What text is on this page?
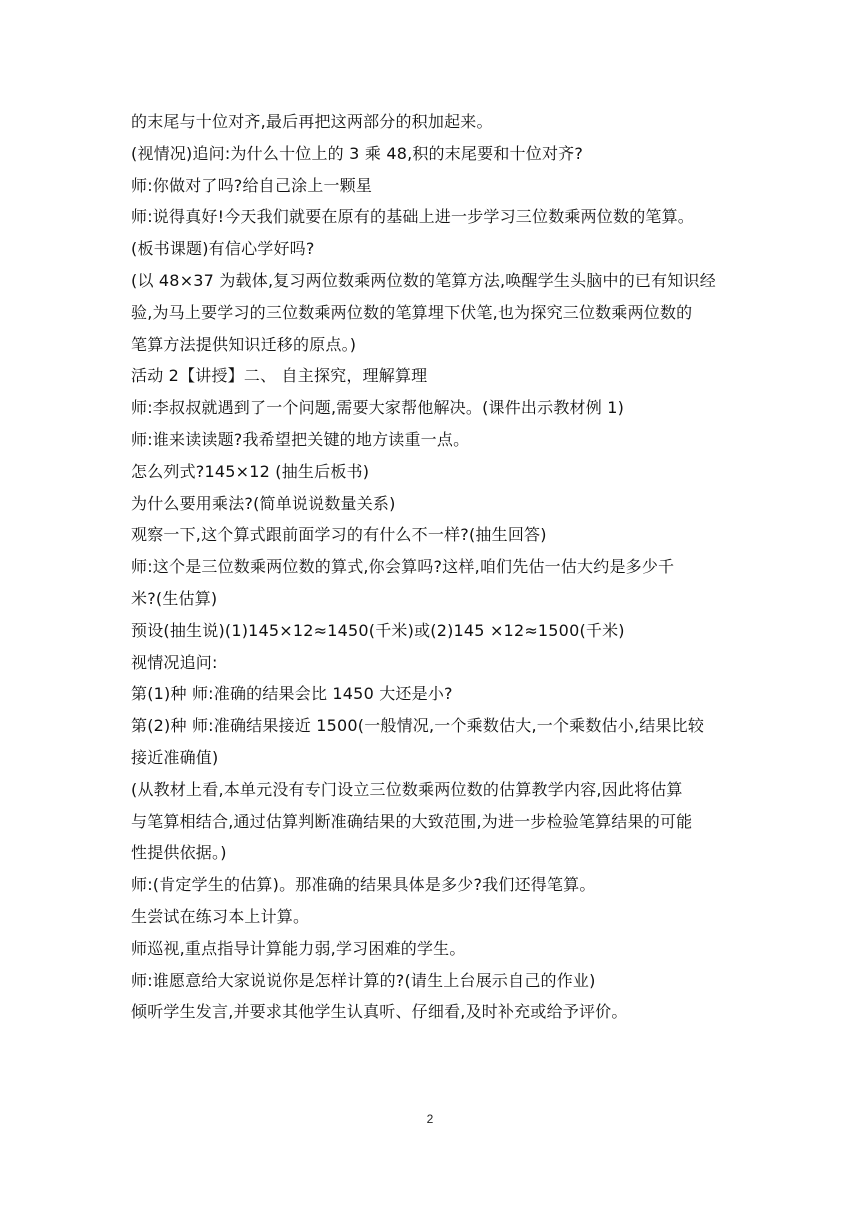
的末尾与十位对齐,最后再把这两部分的积加起来。
(视情况)追问:为什么十位上的 3 乘 48,积的末尾要和十位对齐?
师:你做对了吗?给自己涂上一颗星
师:说得真好!今天我们就要在原有的基础上进一步学习三位数乘两位数的笔算。
(板书课题)有信心学好吗?
(以 48×37 为载体,复习两位数乘两位数的笔算方法,唤醒学生头脑中的已有知识经
验,为马上要学习的三位数乘两位数的笔算埋下伏笔,也为探究三位数乘两位数的
笔算方法提供知识迁移的原点。)
活动 2【讲授】二、 自主探究，理解算理
师:李叔叔就遇到了一个问题,需要大家帮他解决。(课件出示教材例 1)
师:谁来读读题?我希望把关键的地方读重一点。
怎么列式?145×12 (抽生后板书)
为什么要用乘法?(简单说说数量关系)
观察一下,这个算式跟前面学习的有什么不一样?(抽生回答)
师:这个是三位数乘两位数的算式,你会算吗?这样,咱们先估一估大约是多少千
米?(生估算)
预设(抽生说)(1)145×12≈1450(千米)或(2)145 ×12≈1500(千米)
视情况追问:
第(1)种 师:准确的结果会比 1450 大还是小?
第(2)种 师:准确结果接近 1500(一般情况,一个乘数估大,一个乘数估小,结果比较
接近准确值)
(从教材上看,本单元没有专门设立三位数乘两位数的估算教学内容,因此将估算
与笔算相结合,通过估算判断准确结果的大致范围,为进一步检验笔算结果的可能
性提供依据。)
师:(肯定学生的估算)。那准确的结果具体是多少?我们还得笔算。
生尝试在练习本上计算。
师巡视,重点指导计算能力弱,学习困难的学生。
师:谁愿意给大家说说你是怎样计算的?(请生上台展示自己的作业)
倾听学生发言,并要求其他学生认真听、仔细看,及时补充或给予评价。
2
